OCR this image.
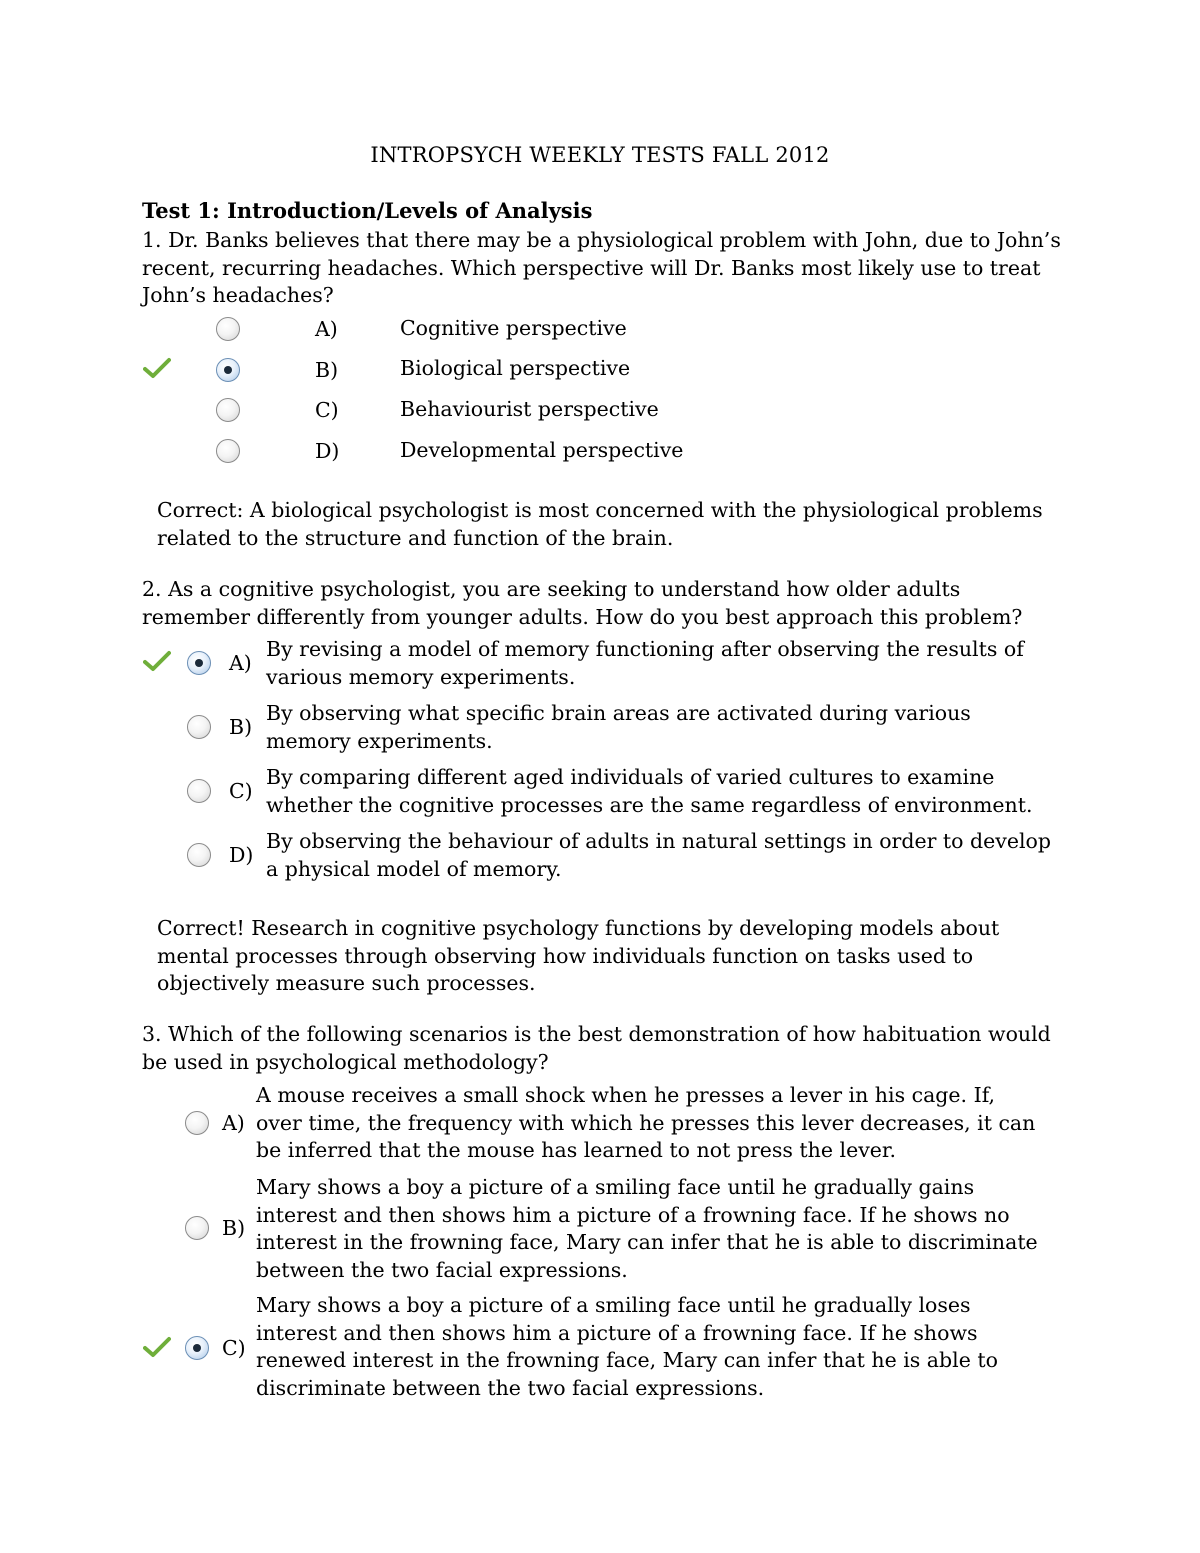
INTROPSYCH WEEKLY TESTS FALL 2012
Test 1: Introduction/Levels of Analysis
1. Dr. Banks believes that there may be a physiological problem with John, due to John’s recent, recurring headaches. Which perspective will Dr. Banks most likely use to treat John’s headaches?
A)	Cognitive perspective
B)	Biological perspective
C)	Behaviourist perspective
D)	Developmental perspective
Correct: A biological psychologist is most concerned with the physiological problems related to the structure and function of the brain.
2. As a cognitive psychologist, you are seeking to understand how older adults remember differently from younger adults. How do you best approach this problem?
A)
By revising a model of memory functioning after observing the results of various memory experiments.
B)
By observing what specific brain areas are activated during various memory experiments.
C)
By comparing different aged individuals of varied cultures to examine whether the cognitive processes are the same regardless of environment.
D)
By observing the behaviour of adults in natural settings in order to develop a physical model of memory.
Correct! Research in cognitive psychology functions by developing models about mental processes through observing how individuals function on tasks used to objectively measure such processes.
3. Which of the following scenarios is the best demonstration of how habituation would be used in psychological methodology?
A)
A mouse receives a small shock when he presses a lever in his cage. If, over time, the frequency with which he presses this lever decreases, it can be inferred that the mouse has learned to not press the lever.
B)
Mary shows a boy a picture of a smiling face until he gradually gains interest and then shows him a picture of a frowning face. If he shows no interest in the frowning face, Mary can infer that he is able to discriminate between the two facial expressions.
C)
Mary shows a boy a picture of a smiling face until he gradually loses interest and then shows him a picture of a frowning face. If he shows renewed interest in the frowning face, Mary can infer that he is able to discriminate between the two facial expressions.
